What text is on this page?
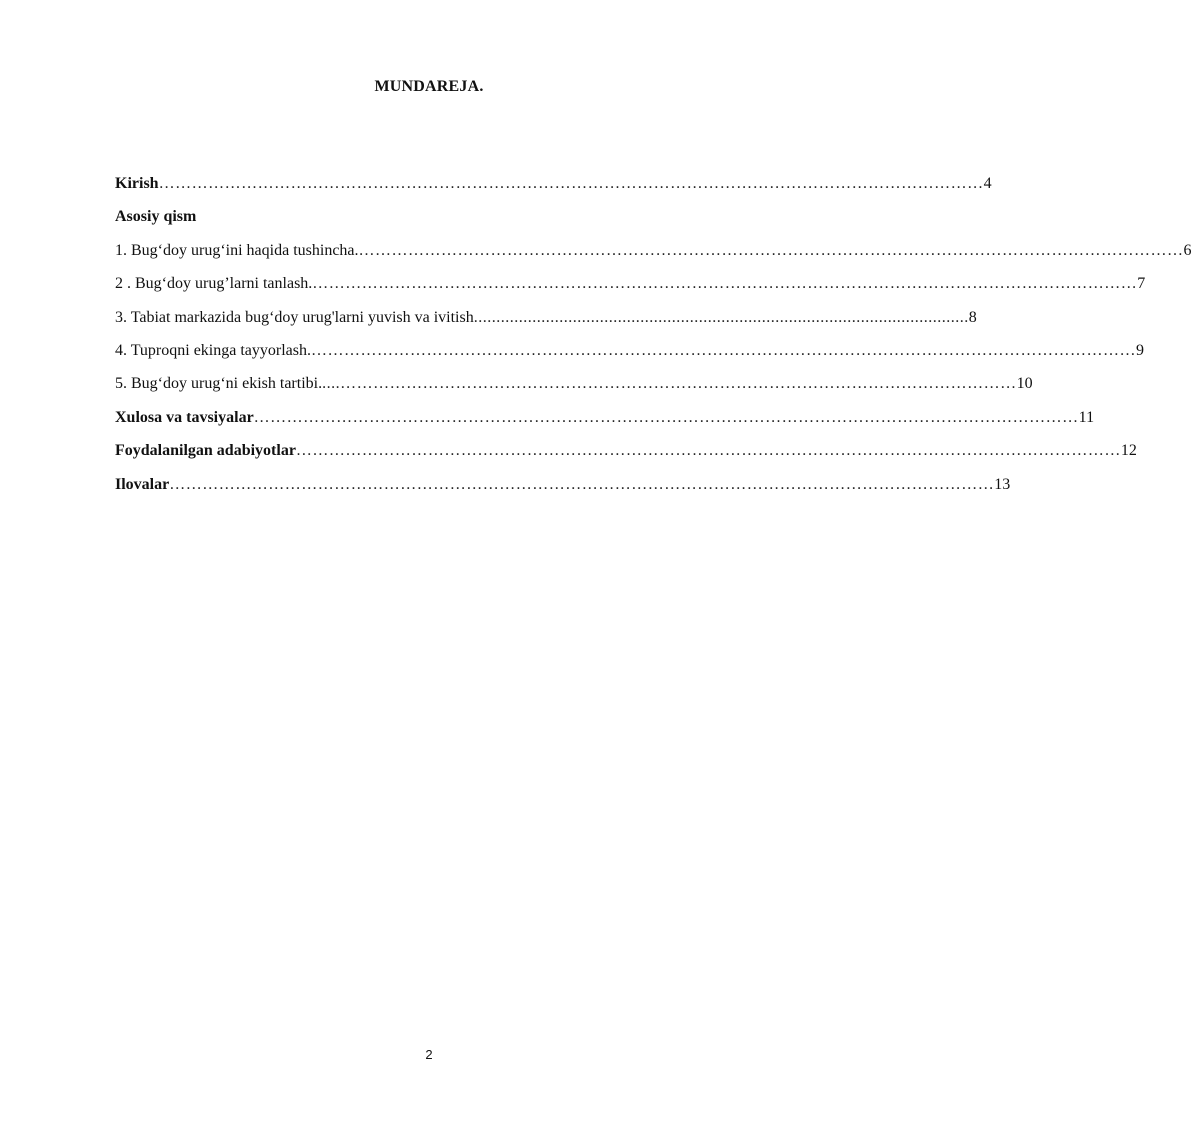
MUNDAREJA.
Kirish …………………………………………………………………………………………………………………………………… 4
Asosiy qism
1. Bug‘doy urug‘ini haqida tushincha. …………………………………………………………………………………………………………………………………… 6
2 . Bug‘doy urug’larni tanlash. …………………………………………………………………………………………………………………………………… 7
3. Tabiat markazida bug‘doy urug'larni yuvish va ivitish .............................................................................................................. 8
4. Tuproqni ekinga tayyorlash. …………………………………………………………………………………………………………………………………… 9
5. Bug‘doy urug‘ni ekish tartibi. ....…………………………………………………………………………………………………………… 10
Xulosa va tavsiyalar …………………………………………………………………………………………………………………………………… 11
Foydalanilgan adabiyotlar …………………………………………………………………………………………………………………………………… 12
Ilovalar …………………………………………………………………………………………………………………………………… 13
2
